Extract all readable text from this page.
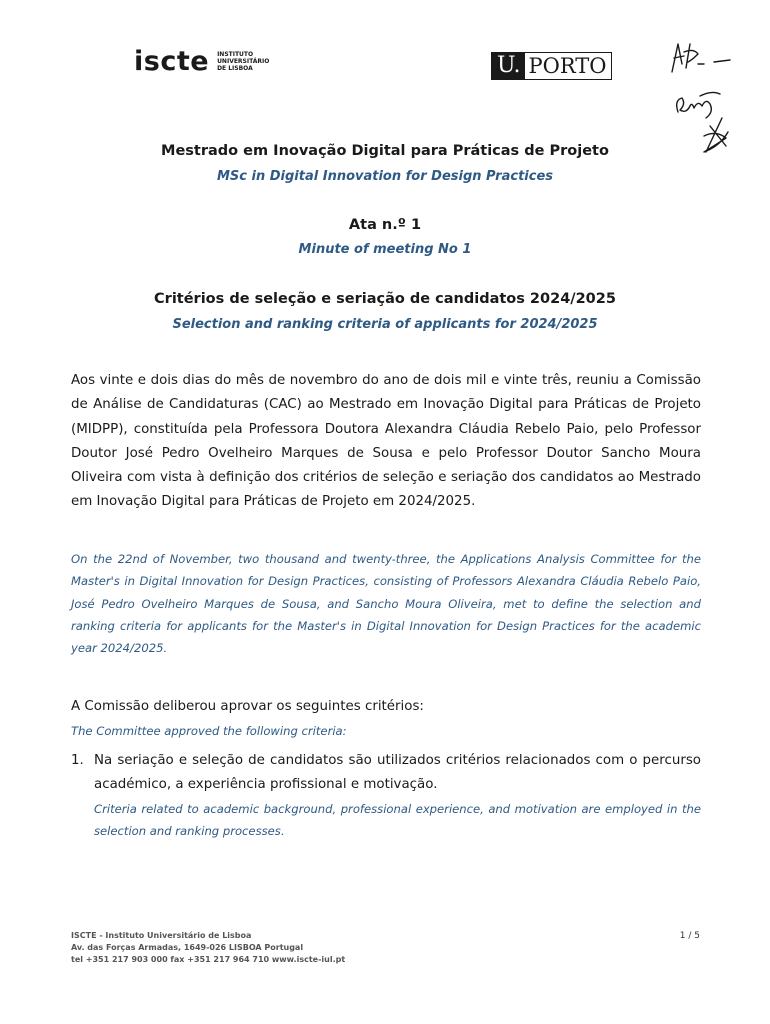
iscte INSTITUTO
UNIVERSITÁRIO
DE LISBOA	U. PORTO
Mestrado em Inovação Digital para Práticas de Projeto
MSc in Digital Innovation for Design Practices
Ata n.º 1
Minute of meeting No 1
Critérios de seleção e seriação de candidatos 2024/2025
Selection and ranking criteria of applicants for 2024/2025
Aos vinte e dois dias do mês de novembro do ano de dois mil e vinte três, reuniu a Comissão de Análise de Candidaturas (CAC) ao Mestrado em Inovação Digital para Práticas de Projeto (MIDPP), constituída pela Professora Doutora Alexandra Cláudia Rebelo Paio, pelo Professor Doutor José Pedro Ovelheiro Marques de Sousa e pelo Professor Doutor Sancho Moura Oliveira com vista à definição dos critérios de seleção e seriação dos candidatos ao Mestrado em Inovação Digital para Práticas de Projeto em 2024/2025.
On the 22nd of November, two thousand and twenty-three, the Applications Analysis Committee for the Master's in Digital Innovation for Design Practices, consisting of Professors Alexandra Cláudia Rebelo Paio, José Pedro Ovelheiro Marques de Sousa, and Sancho Moura Oliveira, met to define the selection and ranking criteria for applicants for the Master's in Digital Innovation for Design Practices for the academic year 2024/2025.
A Comissão deliberou aprovar os seguintes critérios:
The Committee approved the following criteria:
1. Na seriação e seleção de candidatos são utilizados critérios relacionados com o percurso académico, a experiência profissional e motivação.
Criteria related to academic background, professional experience, and motivation are employed in the selection and ranking processes.
ISCTE - Instituto Universitário de Lisboa
Av. das Forças Armadas, 1649-026 LISBOA Portugal
tel +351 217 903 000 fax +351 217 964 710 www.iscte-iul.pt
1 / 5
